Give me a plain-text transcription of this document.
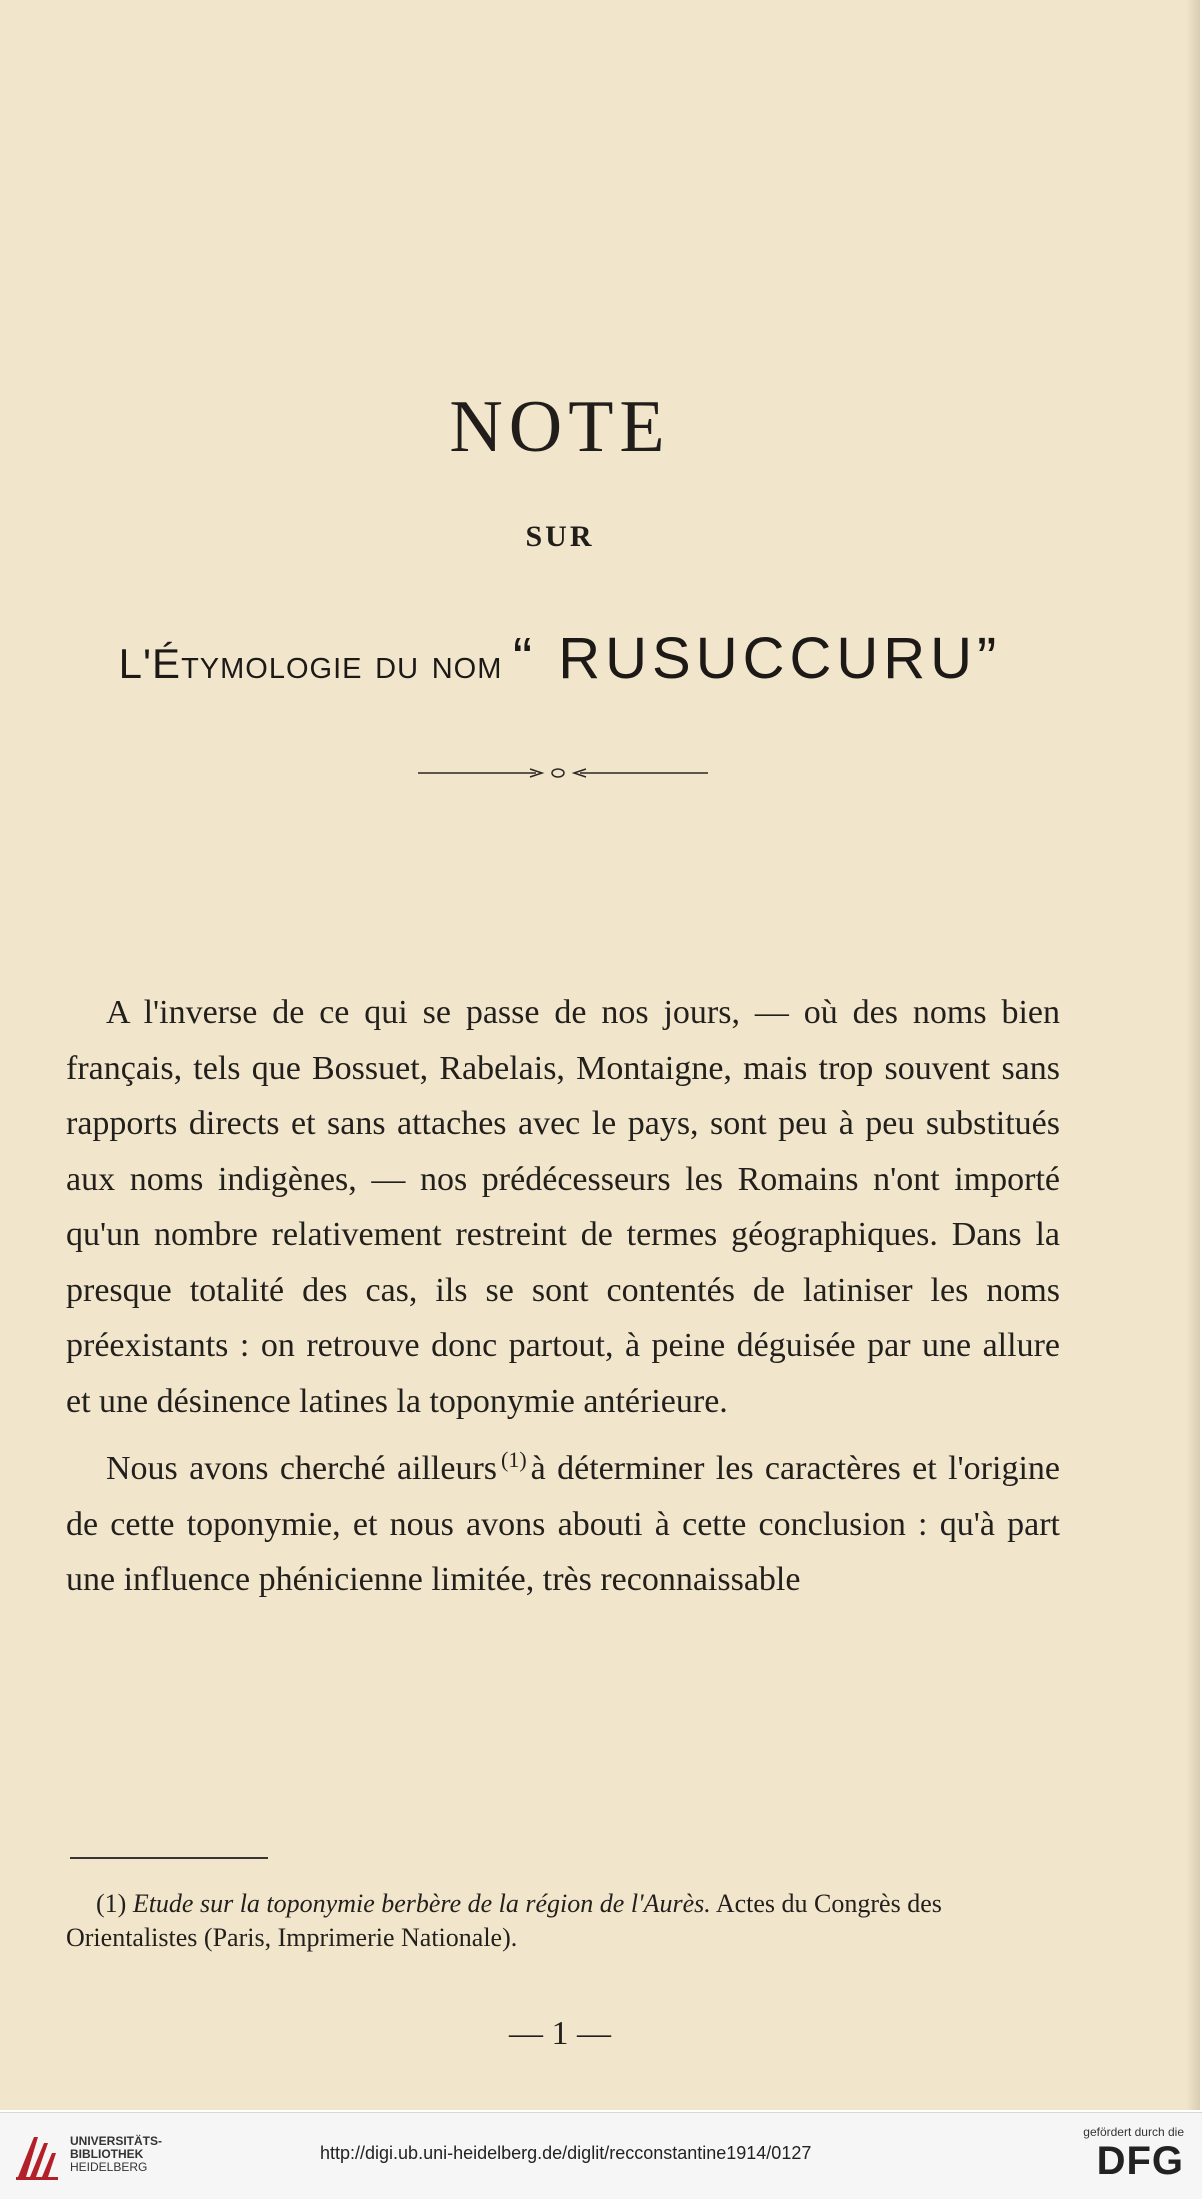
NOTE
SUR
L'Étymologie du nom “ RUSUCCURU”

A l'inverse de ce qui se passe de nos jours, — où des noms bien français, tels que Bossuet, Rabelais, Montaigne, mais trop souvent sans rapports directs et sans attaches avec le pays, sont peu à peu substitués aux noms indigènes, — nos prédécesseurs les Romains n'ont importé qu'un nombre relativement restreint de termes géographiques. Dans la presque totalité des cas, ils se sont contentés de latiniser les noms préexistants : on retrouve donc partout, à peine déguisée par une allure et une désinence latines la toponymie antérieure.

Nous avons cherché ailleurs $^{(1)}$ à déterminer les caractères et l'origine de cette toponymie, et nous avons abouti à cette conclusion : qu'à part une influence phénicienne limitée, très reconnaissable

(1) Etude sur la toponymie berbère de la région de l'Aurès. Actes du Congrès des Orientalistes (Paris, Imprimerie Nationale).
— 1 —
UNIVERSITÄTS-
BIBLIOTHEK
HEIDELBERG
http://digi.ub.uni-heidelberg.de/diglit/recconstantine1914/0127
gefördert durch die
DFG
